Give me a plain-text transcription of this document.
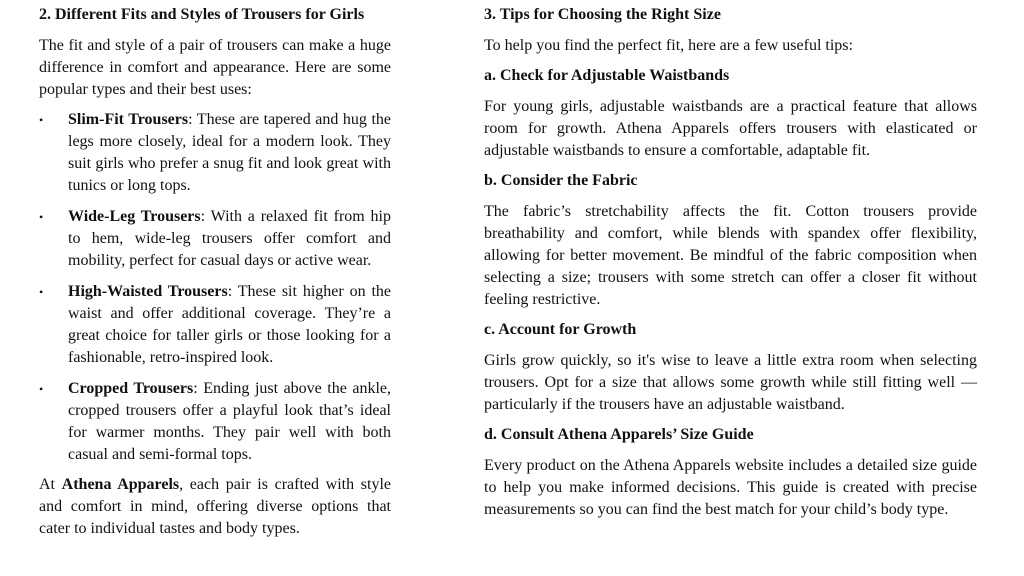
2. Different Fits and Styles of Trousers for Girls

The fit and style of a pair of trousers can make a huge difference in comfort and appearance. Here are some popular types and their best uses:

• Slim-Fit Trousers: These are tapered and hug the legs more closely, ideal for a modern look. They suit girls who prefer a snug fit and look great with tunics or long tops.
• Wide-Leg Trousers: With a relaxed fit from hip to hem, wide-leg trousers offer comfort and mobility, perfect for casual days or active wear.
• High-Waisted Trousers: These sit higher on the waist and offer additional coverage. They’re a great choice for taller girls or those looking for a fashionable, retro-inspired look.
• Cropped Trousers: Ending just above the ankle, cropped trousers offer a playful look that’s ideal for warmer months. They pair well with both casual and semi-formal tops.

At Athena Apparels, each pair is crafted with style and comfort in mind, offering diverse options that cater to individual tastes and body types.

3. Tips for Choosing the Right Size

To help you find the perfect fit, here are a few useful tips:

a. Check for Adjustable Waistbands

For young girls, adjustable waistbands are a practical feature that allows room for growth. Athena Apparels offers trousers with elasticated or adjustable waistbands to ensure a comfortable, adaptable fit.

b. Consider the Fabric

The fabric’s stretchability affects the fit. Cotton trousers provide breathability and comfort, while blends with spandex offer flexibility, allowing for better movement. Be mindful of the fabric composition when selecting a size; trousers with some stretch can offer a closer fit without feeling restrictive.

c. Account for Growth

Girls grow quickly, so it's wise to leave a little extra room when selecting trousers. Opt for a size that allows some growth while still fitting well — particularly if the trousers have an adjustable waistband.

d. Consult Athena Apparels’ Size Guide

Every product on the Athena Apparels website includes a detailed size guide to help you make informed decisions. This guide is created with precise measurements so you can find the best match for your child’s body type.
